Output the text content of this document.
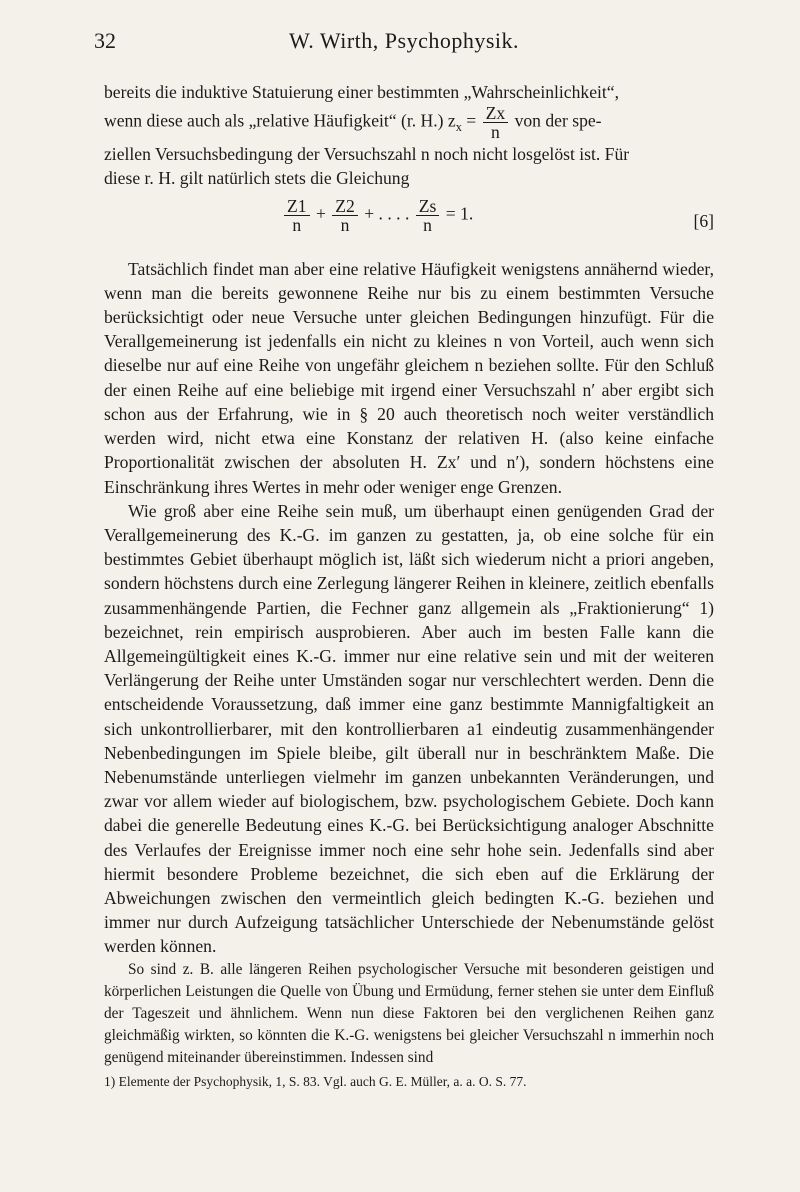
32	W. Wirth, Psychophysik.

bereits die induktive Statuierung einer bestimmten „Wahrscheinlichkeit“,

wenn diese auch als „relative Häufigkeit“ (r. H.) $z_x = \frac{Zx}{n}$ von der spe-

ziellen Versuchsbedingung der Versuchszahl n noch nicht losgelöst ist. Für

diese r. H. gilt natürlich stets die Gleichung

$\frac{Z1}{n} + \frac{Z2}{n}$ + . . . . $\frac{Zs}{n} = 1$.	[6]

Tatsächlich findet man aber eine relative Häufigkeit wenigstens annähernd wieder, wenn man die bereits gewonnene Reihe nur bis zu einem bestimmten Versuche berücksichtigt oder neue Versuche unter gleichen Bedingungen hinzufügt. Für die Verallgemeinerung ist jedenfalls ein nicht zu kleines n von Vorteil, auch wenn sich dieselbe nur auf eine Reihe von ungefähr gleichem n beziehen sollte. Für den Schluß der einen Reihe auf eine beliebige mit irgend einer Versuchszahl n′ aber ergibt sich schon aus der Erfahrung, wie in § 20 auch theoretisch noch weiter verständlich werden wird, nicht etwa eine Konstanz der relativen H. (also keine einfache Proportionalität zwischen der absoluten H. Zx′ und n′), sondern höchstens eine Einschränkung ihres Wertes in mehr oder weniger enge Grenzen.

Wie groß aber eine Reihe sein muß, um überhaupt einen genügenden Grad der Verallgemeinerung des K.-G. im ganzen zu gestatten, ja, ob eine solche für ein bestimmtes Gebiet überhaupt möglich ist, läßt sich wiederum nicht a priori angeben, sondern höchstens durch eine Zerlegung längerer Reihen in kleinere, zeitlich ebenfalls zusammenhängende Partien, die Fechner ganz allgemein als „Fraktionierung“ 1) bezeichnet, rein empirisch ausprobieren. Aber auch im besten Falle kann die Allgemeingültigkeit eines K.-G. immer nur eine relative sein und mit der weiteren Verlängerung der Reihe unter Umständen sogar nur verschlechtert werden. Denn die entscheidende Voraussetzung, daß immer eine ganz bestimmte Mannigfaltigkeit an sich unkontrollierbarer, mit den kontrollierbaren a1 eindeutig zusammenhängender Nebenbedingungen im Spiele bleibe, gilt überall nur in beschränktem Maße. Die Nebenumstände unterliegen vielmehr im ganzen unbekannten Veränderungen, und zwar vor allem wieder auf biologischem, bzw. psychologischem Gebiete. Doch kann dabei die generelle Bedeutung eines K.-G. bei Berücksichtigung analoger Abschnitte des Verlaufes der Ereignisse immer noch eine sehr hohe sein. Jedenfalls sind aber hiermit besondere Probleme bezeichnet, die sich eben auf die Erklärung der Abweichungen zwischen den vermeintlich gleich bedingten K.-G. beziehen und immer nur durch Aufzeigung tatsächlicher Unterschiede der Nebenumstände gelöst werden können.

So sind z. B. alle längeren Reihen psychologischer Versuche mit besonderen geistigen und körperlichen Leistungen die Quelle von Übung und Ermüdung, ferner stehen sie unter dem Einfluß der Tageszeit und ähnlichem. Wenn nun diese Faktoren bei den verglichenen Reihen ganz gleichmäßig wirkten, so könnten die K.-G. wenigstens bei gleicher Versuchszahl n immerhin noch genügend miteinander übereinstimmen. Indessen sind

1) Elemente der Psychophysik, 1, S. 83. Vgl. auch G. E. Müller, a. a. O. S. 77.
